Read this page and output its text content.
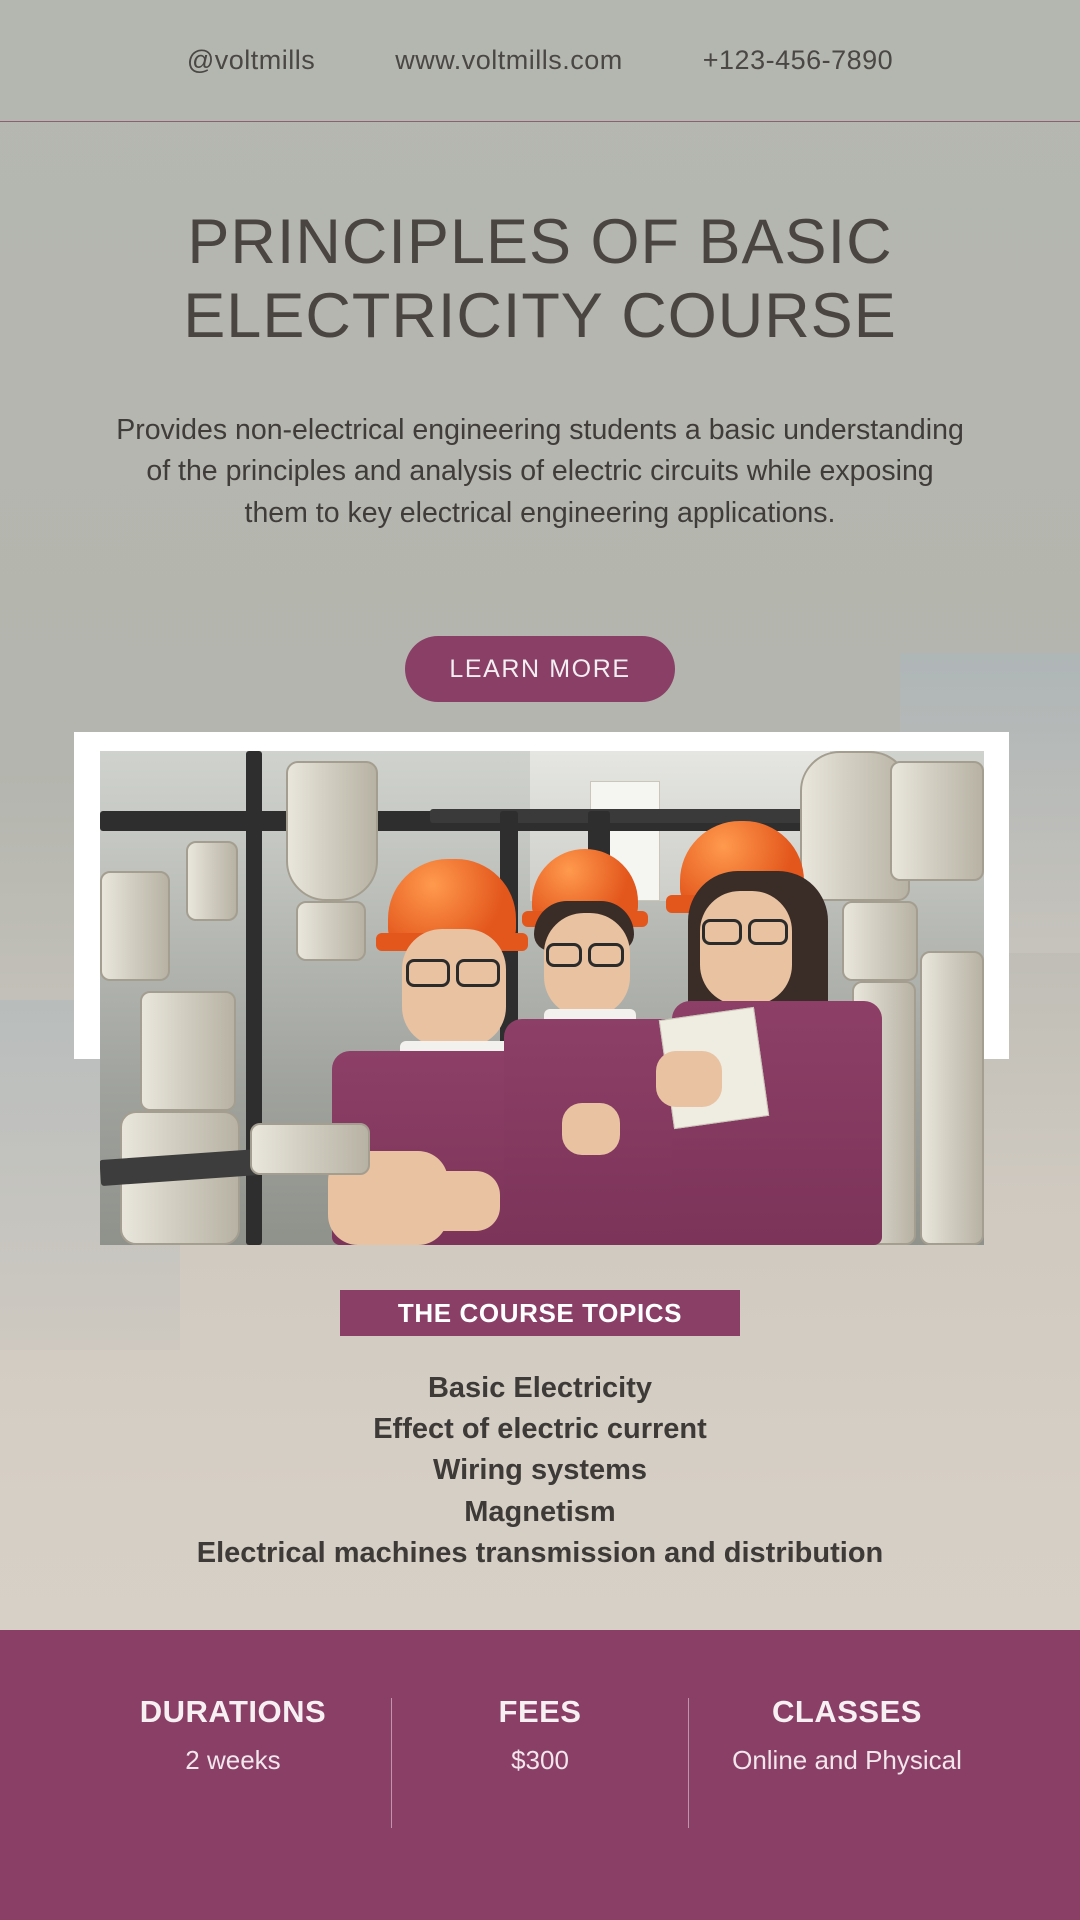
@voltmills	www.voltmills.com	+123-456-7890
PRINCIPLES OF BASIC ELECTRICITY COURSE

Provides non-electrical engineering students a basic understanding of the principles and analysis of electric circuits while exposing them to key electrical engineering applications.

LEARN MORE
THE COURSE TOPICS
Basic Electricity
Effect of electric current
Wiring systems
Magnetism
Electrical machines transmission and distribution
DURATIONS

2 weeks

FEES

$300

CLASSES

Online and Physical
